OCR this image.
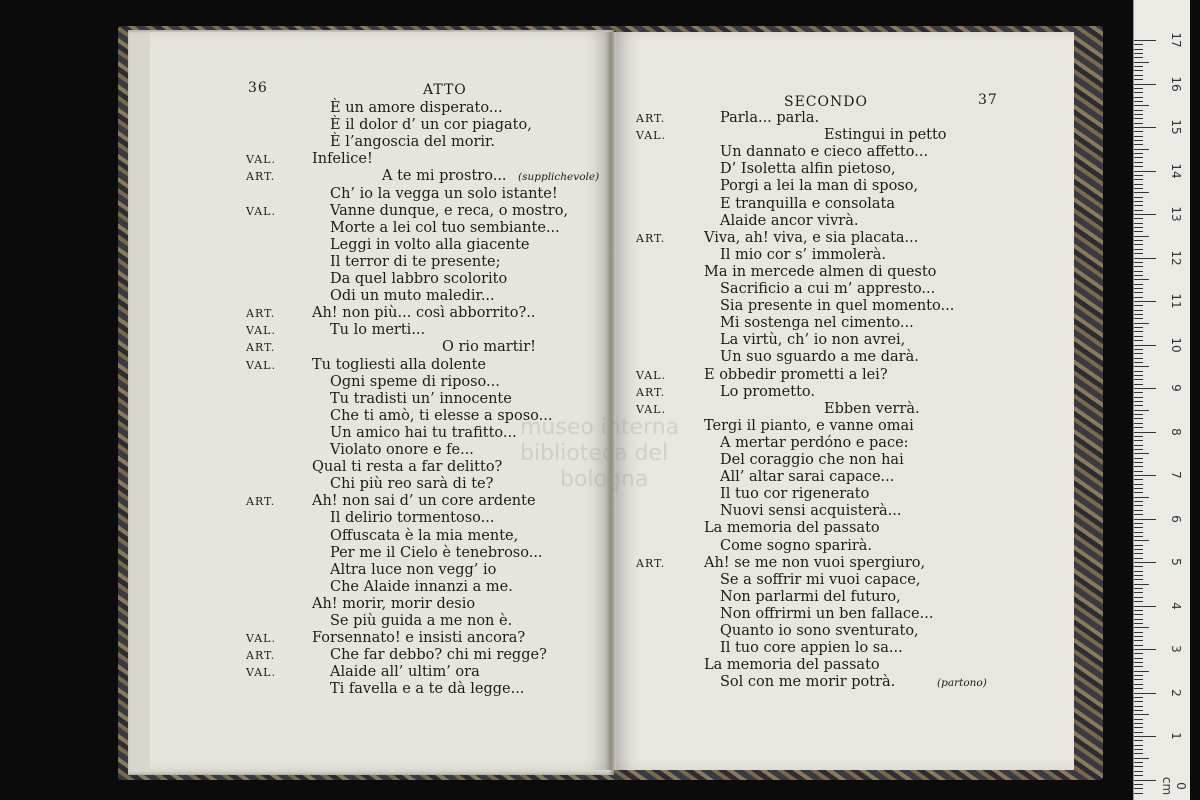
36	ATTO
È un amore disperato...
È il dolor d’ un cor piagato,
È l’angoscia del morir.
VAL. Infelice!
ART.	A te mi prostro... (supplichevole)
Ch’ io la vegga un solo istante!
VAL.	Vanne dunque, e reca, o mostro,
Morte a lei col tuo sembiante...
Leggi in volto alla giacente
Il terror di te presente;
Da quel labbro scolorito
Odi un muto maledir...
ART.	Ah! non più... così abborrito?..
VAL.	Tu lo merti...
ART.	O rio martir!
VAL. Tu togliesti alla dolente
Ogni speme di riposo...
Tu tradisti un’ innocente
Che ti amò, ti elesse a sposo...
Un amico hai tu trafitto...
Violato onore e fe...
Qual ti resta a far delitto?
Chi più reo sarà di te?
ART.	Ah! non sai d’ un core ardente
Il delirio tormentoso...
Offuscata è la mia mente,
Per me il Cielo è tenebroso...
Altra luce non vegg’ io
Che Alaide innanzi a me.
Ah! morir, morir desio
Se più guida a me non è.
VAL. Forsennato! e insisti ancora?
ART.	Che far debbo? chi mi regge?
VAL.	Alaide all’ ultim’ ora
Ti favella e a te dà legge...
SECONDO	37
ART.	Parla... parla.
VAL.	Estingui in petto
Un dannato e cieco affetto...
D’ Isoletta alfin pietoso,
Porgi a lei la man di sposo,
E tranquilla e consolata
Alaide ancor vivrà.
ART.	Viva, ah! viva, e sia placata...
Il mio cor s’ immolerà.
Ma in mercede almen di questo
Sacrificio a cui m’ appresto...
Sia presente in quel momento...
Mi sostenga nel cimento...
La virtù, ch’ io non avrei,
Un suo sguardo a me darà.
VAL.	E obbedir prometti a lei?
ART.	Lo prometto.
VAL.	Ebben verrà.
Tergi il pianto, e vanne omai
A mertar perdóno e pace:
Del coraggio che non hai
All’ altar sarai capace...
Il tuo cor rigenerato
Nuovi sensi acquisterà...
La memoria del passato
Come sogno sparirà.
ART.	Ah! se me non vuoi spergiuro,
Se a soffrir mi vuoi capace,
Non parlarmi del futuro,
Non offrirmi un ben fallace...
Quanto io sono sventurato,
Il tuo core appien lo sa...
La memoria del passato
Sol con me morir potrà.	(partono)
museo interna
biblioteca del
bologna
0 cm
17
16
15
14
13
12
11
10
9
8
7
6
5
4
3
2
1
